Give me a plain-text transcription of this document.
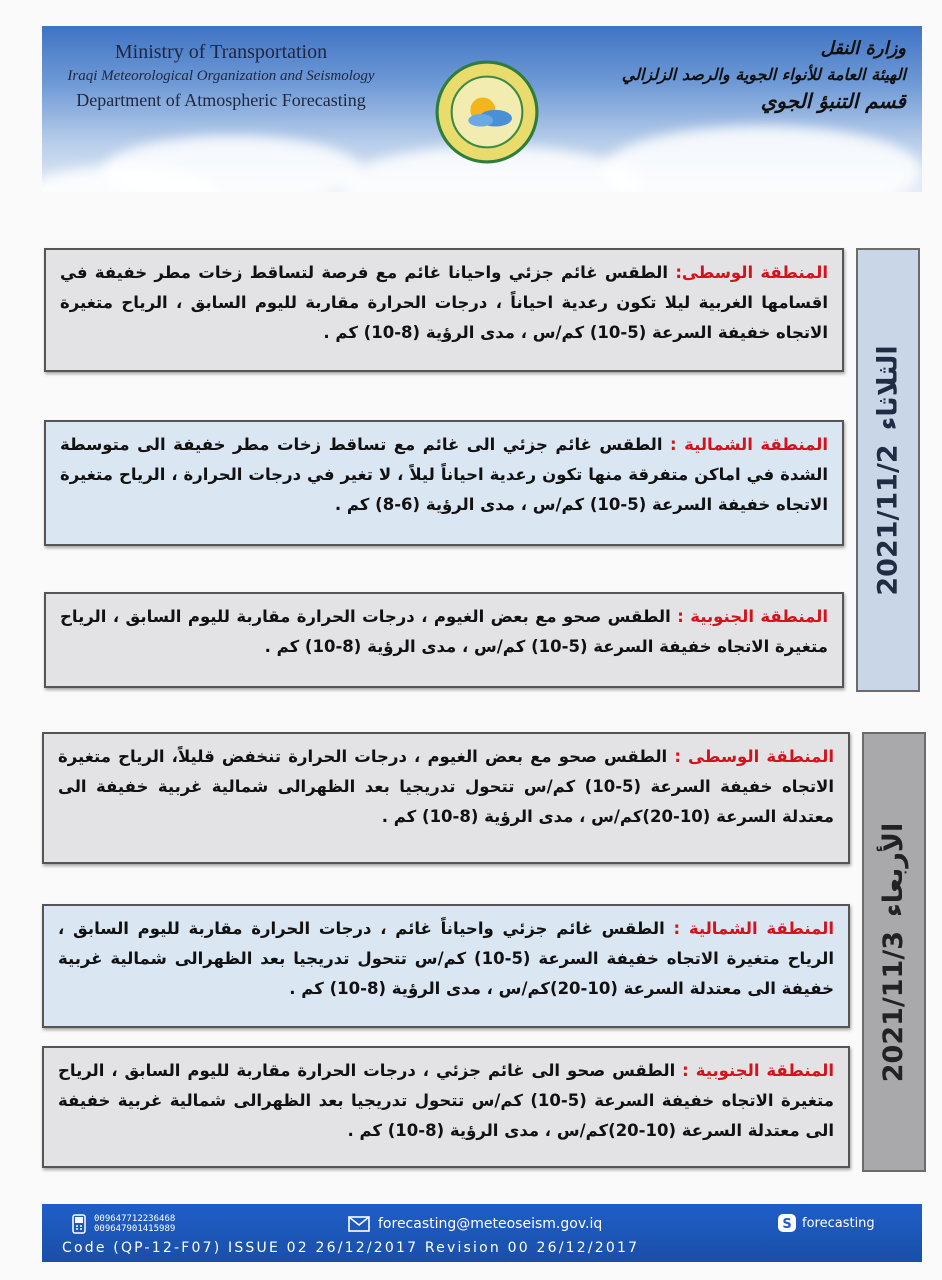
Ministry of Transportation
Iraqi Meteorological Organization and Seismology
Department of Atmospheric Forecasting
وزارة النقل
الهيئة العامة للأنواء الجوية والرصد الزلزالي
قسم التنبؤ الجوي
الثلاثاء
2021/11/2
المنطقة الوسطى: الطقس غائم جزئي واحيانا غائم مع فرصة لتساقط زخات مطر خفيفة في اقسامها الغربية ليلا تكون رعدية احياناً ، درجات الحرارة مقاربة لليوم السابق ، الرياح متغيرة الاتجاه خفيفة السرعة (5-10) كم/س ، مدى الرؤية (8-10) كم .
المنطقة الشمالية : الطقس غائم جزئي الى غائم مع تساقط زخات مطر خفيفة الى متوسطة الشدة في اماكن متفرقة منها تكون رعدية احياناً ليلاً ، لا تغير في درجات الحرارة ، الرياح متغيرة الاتجاه خفيفة السرعة (5-10) كم/س ، مدى الرؤية (6-8) كم .
المنطقة الجنوبية : الطقس صحو مع بعض الغيوم ، درجات الحرارة مقاربة لليوم السابق ، الرياح متغيرة الاتجاه خفيفة السرعة (5-10) كم/س ، مدى الرؤية (8-10) كم .
الأربعاء
2021/11/3
المنطقة الوسطى : الطقس صحو مع بعض الغيوم ، درجات الحرارة تنخفض قليلاً، الرياح متغيرة الاتجاه خفيفة السرعة (5-10) كم/س تتحول تدريجيا بعد الظهرالى شمالية غربية خفيفة الى معتدلة السرعة (10-20)كم/س ، مدى الرؤية (8-10) كم .
المنطقة الشمالية : الطقس غائم جزئي واحياناً غائم ، درجات الحرارة مقاربة لليوم السابق ، الرياح متغيرة الاتجاه خفيفة السرعة (5-10) كم/س تتحول تدريجيا بعد الظهرالى شمالية غربية خفيفة الى معتدلة السرعة (10-20)كم/س ، مدى الرؤية (8-10) كم .
المنطقة الجنوبية : الطقس صحو الى غائم جزئي ، درجات الحرارة مقاربة لليوم السابق ، الرياح متغيرة الاتجاه خفيفة السرعة (5-10) كم/س تتحول تدريجيا بعد الظهرالى شمالية غربية خفيفة الى معتدلة السرعة (10-20)كم/س ، مدى الرؤية (8-10) كم .
009647712236468
009647901415989	forecasting@meteoseism.gov.iq	S forecasting
Code (QP-12-F07) ISSUE 02 26/12/2017 Revision 00 26/12/2017
